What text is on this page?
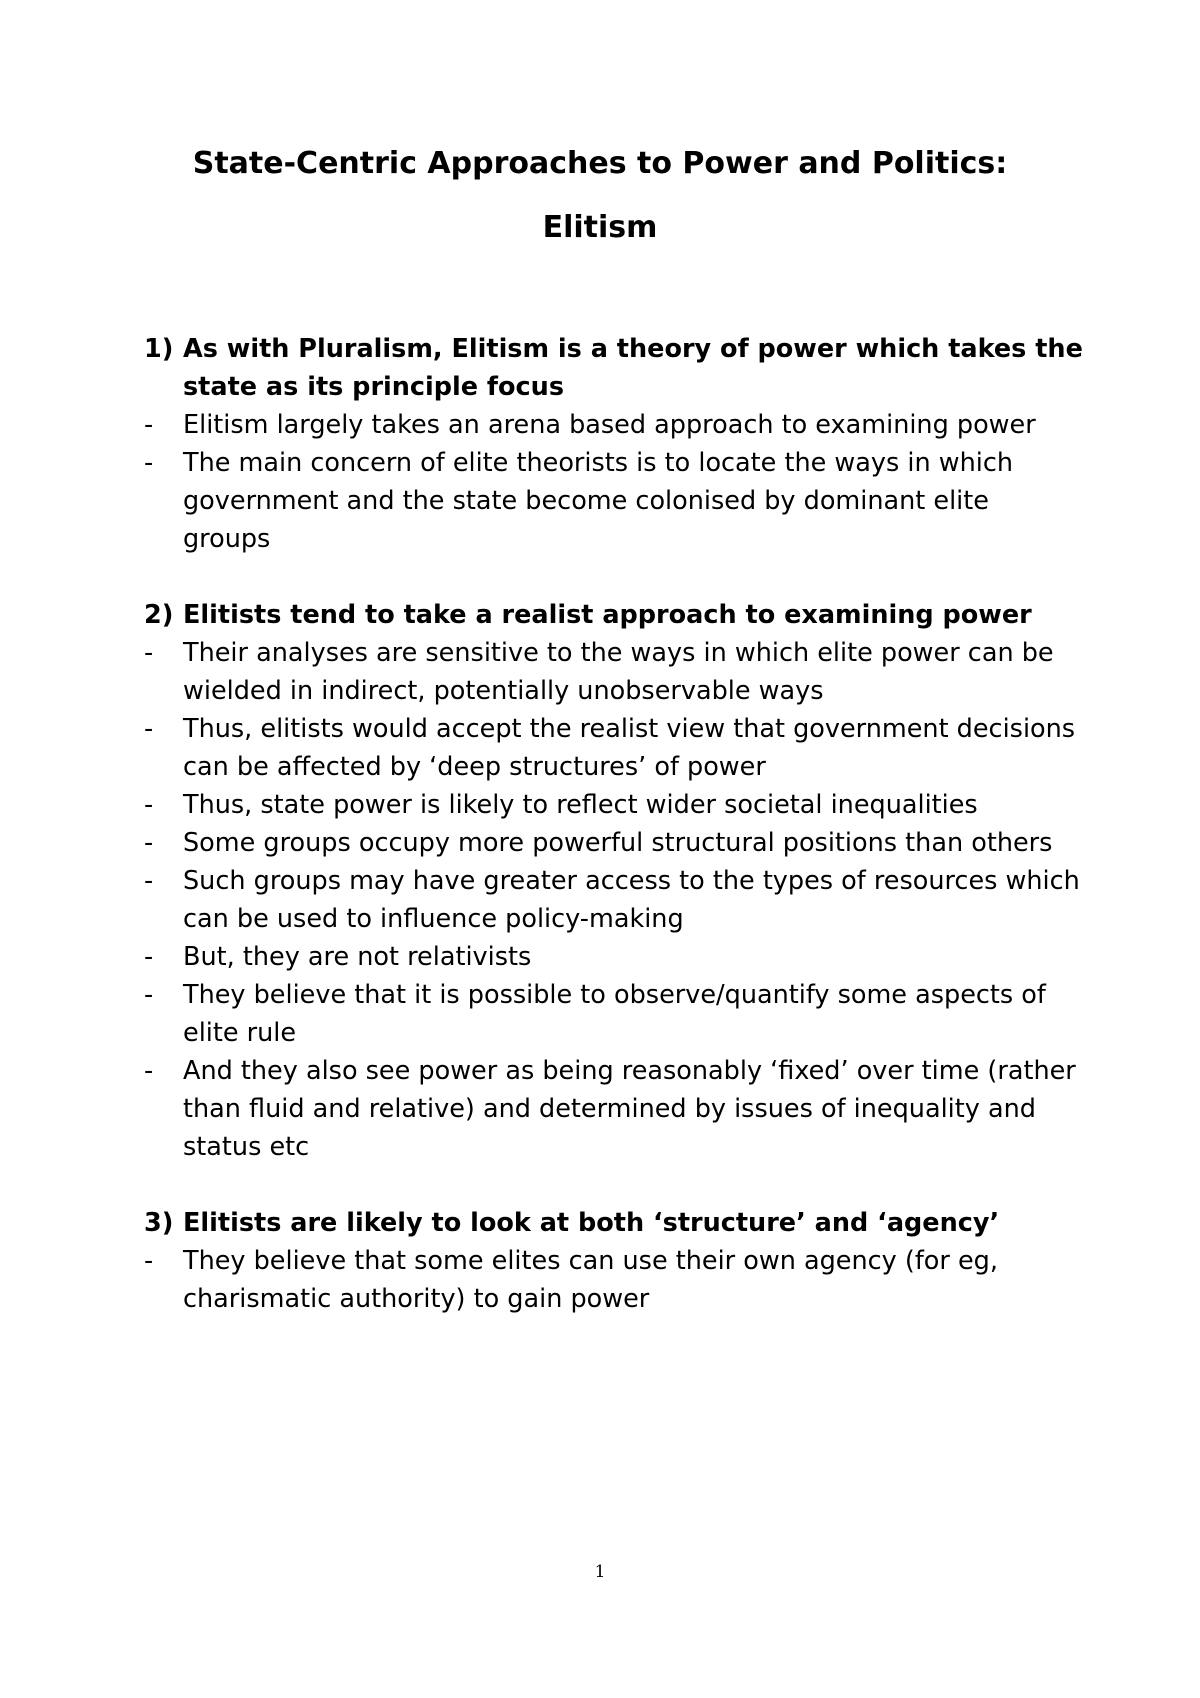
State-Centric Approaches to Power and Politics:
Elitism
1) As with Pluralism, Elitism is a theory of power which takes the state as its principle focus
-	Elitism largely takes an arena based approach to examining power
-	The main concern of elite theorists is to locate the ways in which government and the state become colonised by dominant elite groups
2) Elitists tend to take a realist approach to examining power
-	Their analyses are sensitive to the ways in which elite power can be wielded in indirect, potentially unobservable ways
-	Thus, elitists would accept the realist view that government decisions can be affected by ‘deep structures’ of power
-	Thus, state power is likely to reflect wider societal inequalities
-	Some groups occupy more powerful structural positions than others
-	Such groups may have greater access to the types of resources which can be used to influence policy-making
-	But, they are not relativists
-	They believe that it is possible to observe/quantify some aspects of elite rule
-	And they also see power as being reasonably ‘fixed’ over time (rather than fluid and relative) and determined by issues of inequality and status etc
3) Elitists are likely to look at both ‘structure’ and ‘agency’
-	They believe that some elites can use their own agency (for eg, charismatic authority) to gain power
1
